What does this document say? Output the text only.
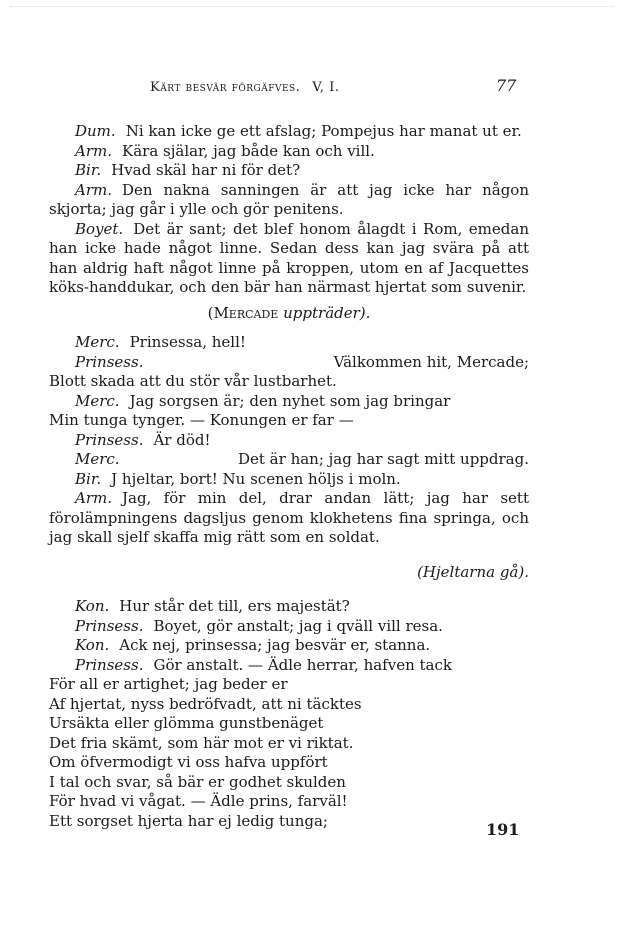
Kärt besvär förgäfves. V, I.	77

Dum. Ni kan icke ge ett afslag; Pompejus har manat ut er.

Arm. Kära själar, jag både kan och vill.

Bir. Hvad skäl har ni för det?

Arm. Den nakna sanningen är att jag icke har någon skjorta; jag går i ylle och gör penitens.

Boyet. Det är sant; det blef honom ålagdt i Rom, emedan han icke hade något linne. Sedan dess kan jag svära på att han aldrig haft något linne på kroppen, utom en af Jacquettes köks-handdukar, och den bär han närmast hjertat som suvenir.

(Mercade uppträder).

Merc. Prinsessa, hell!

Prinsess.	Välkommen hit, Mercade;

Blott skada att du stör vår lustbarhet.

Merc. Jag sorgsen är; den nyhet som jag bringar

Min tunga tynger. — Konungen er far —

Prinsess. Är död!

Merc.	Det är han; jag har sagt mitt uppdrag.

Bir. J hjeltar, bort! Nu scenen höljs i moln.

Arm. Jag, för min del, drar andan lätt; jag har sett förolämpningens dagsljus genom klokhetens fina springa, och jag skall sjelf skaffa mig rätt som en soldat.

(Hjeltarna gå).

Kon. Hur står det till, ers majestät?

Prinsess. Boyet, gör anstalt; jag i qväll vill resa.

Kon. Ack nej, prinsessa; jag besvär er, stanna.

Prinsess. Gör anstalt. — Ädle herrar, hafven tack

För all er artighet; jag beder er

Af hjertat, nyss bedröfvadt, att ni täcktes

Ursäkta eller glömma gunstbenäget

Det fria skämt, som här mot er vi riktat.

Om öfvermodigt vi oss hafva uppfört

I tal och svar, så bär er godhet skulden

För hvad vi vågat. — Ädle prins, farväl!

Ett sorgset hjerta har ej ledig tunga;	191
